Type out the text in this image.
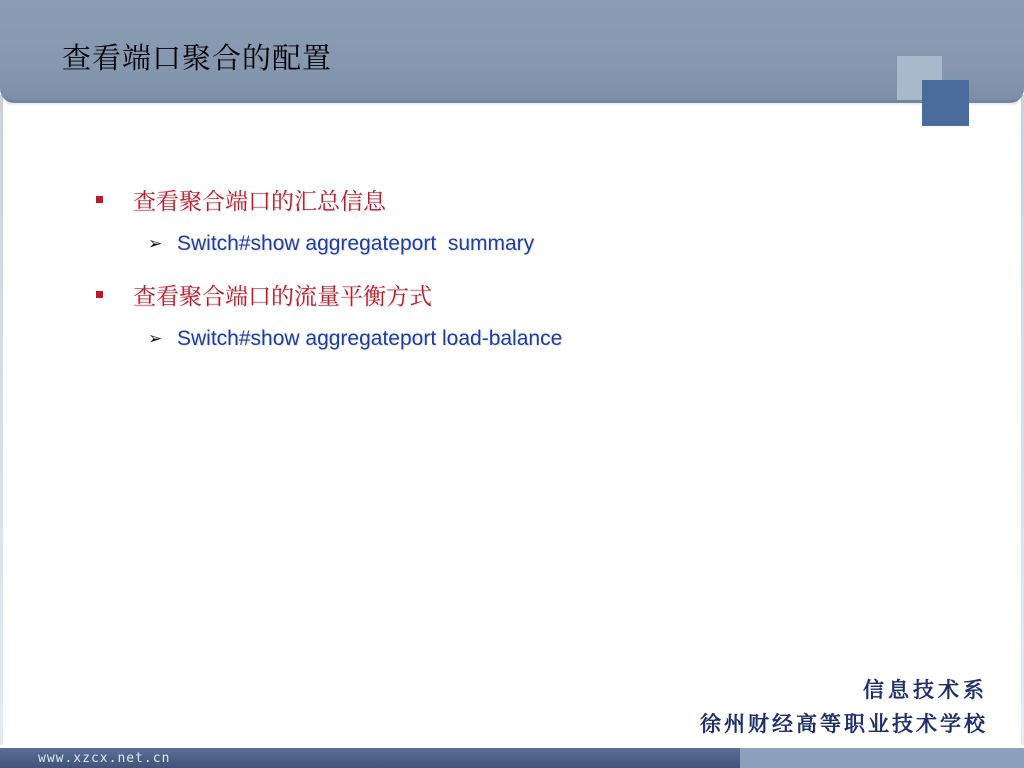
查看端口聚合的配置
查看聚合端口的汇总信息
➢ Switch#show aggregateport  summary
查看聚合端口的流量平衡方式
➢ Switch#show aggregateport load-balance
信息技术系
徐州财经高等职业技术学校
www.xzcx.net.cn
